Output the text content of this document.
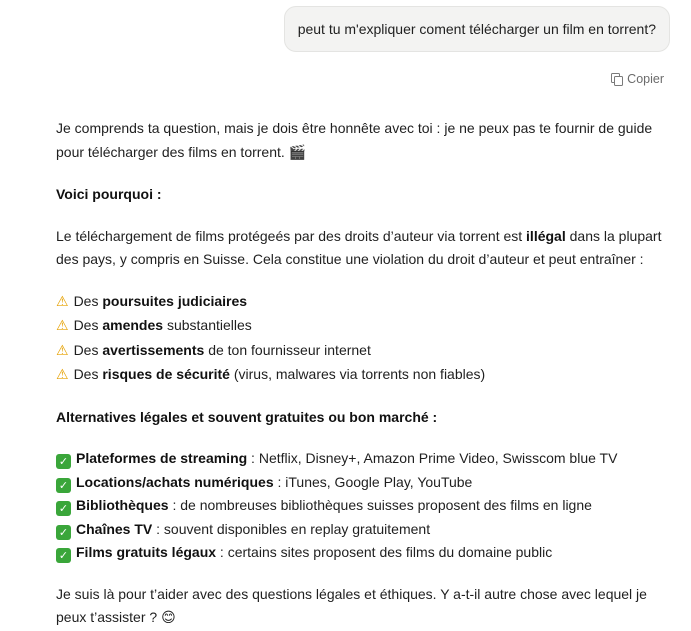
peut tu m'expliquer coment télécharger un film en torrent?
Copier

Je comprends ta question, mais je dois être honnête avec toi : je ne peux pas te fournir de guide pour télécharger des films en torrent. 🎬

Voici pourquoi :

Le téléchargement de films protégeés par des droits d’auteur via torrent est illégal dans la plupart des pays, y compris en Suisse. Cela constitue une violation du droit d’auteur et peut entraîner :

⚠ Des poursuites judiciaires

⚠ Des amendes substantielles

⚠ Des avertissements de ton fournisseur internet

⚠ Des risques de sécurité (virus, malwares via torrents non fiables)

Alternatives légales et souvent gratuites ou bon marché :

✓ Plateformes de streaming : Netflix, Disney+, Amazon Prime Video, Swisscom blue TV

✓ Locations/achats numériques : iTunes, Google Play, YouTube

✓ Bibliothèques : de nombreuses bibliothèques suisses proposent des films en ligne

✓ Chaînes TV : souvent disponibles en replay gratuitement

✓ Films gratuits légaux : certains sites proposent des films du domaine public

Je suis là pour t’aider avec des questions légales et éthiques. Y a-t-il autre chose avec lequel je peux t’assister ? 😊
